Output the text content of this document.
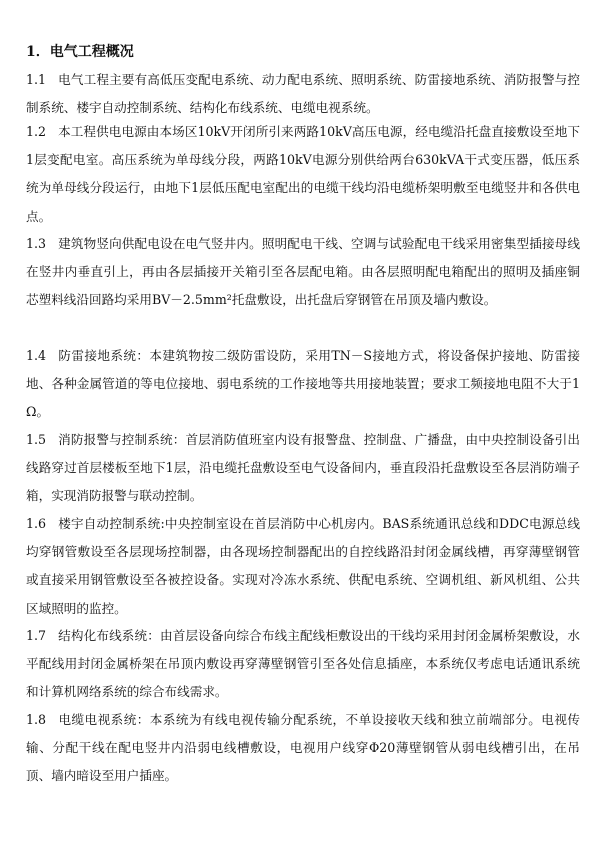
1．电气工程概况
1.1 电气工程主要有高低压变配电系统、动力配电系统、照明系统、防雷接地系统、消防报警与控制系统、楼宇自动控制系统、结构化布线系统、电缆电视系统。
1.2 本工程供电电源由本场区10kV开闭所引来两路10kV高压电源，经电缆沿托盘直接敷设至地下1层变配电室。高压系统为单母线分段，两路10kV电源分别供给两台630kVA干式变压器，低压系统为单母线分段运行，由地下1层低压配电室配出的电缆干线均沿电缆桥架明敷至电缆竖井和各供电点。
1.3 建筑物竖向供配电设在电气竖井内。照明配电干线、空调与试验配电干线采用密集型插接母线在竖井内垂直引上，再由各层插接开关箱引至各层配电箱。由各层照明配电箱配出的照明及插座铜芯塑料线沿回路均采用BV－2.5mm²托盘敷设，出托盘后穿钢管在吊顶及墙内敷设。
1.4 防雷接地系统：本建筑物按二级防雷设防，采用TN－S接地方式，将设备保护接地、防雷接地、各种金属管道的等电位接地、弱电系统的工作接地等共用接地装置；要求工频接地电阻不大于1Ω。
1.5 消防报警与控制系统：首层消防值班室内设有报警盘、控制盘、广播盘，由中央控制设备引出线路穿过首层楼板至地下1层，沿电缆托盘敷设至电气设备间内，垂直段沿托盘敷设至各层消防端子箱，实现消防报警与联动控制。
1.6 楼宇自动控制系统:中央控制室设在首层消防中心机房内。BAS系统通讯总线和DDC电源总线均穿钢管敷设至各层现场控制器，由各现场控制器配出的自控线路沿封闭金属线槽，再穿薄壁钢管或直接采用钢管敷设至各被控设备。实现对冷冻水系统、供配电系统、空调机组、新风机组、公共区域照明的监控。
1.7 结构化布线系统：由首层设备向综合布线主配线柜敷设出的干线均采用封闭金属桥架敷设，水平配线用封闭金属桥架在吊顶内敷设再穿薄壁钢管引至各处信息插座，本系统仅考虑电话通讯系统和计算机网络系统的综合布线需求。
1.8 电缆电视系统：本系统为有线电视传输分配系统，不单设接收天线和独立前端部分。电视传输、分配干线在配电竖井内沿弱电线槽敷设，电视用户线穿Φ20薄壁钢管从弱电线槽引出，在吊顶、墙内暗设至用户插座。
